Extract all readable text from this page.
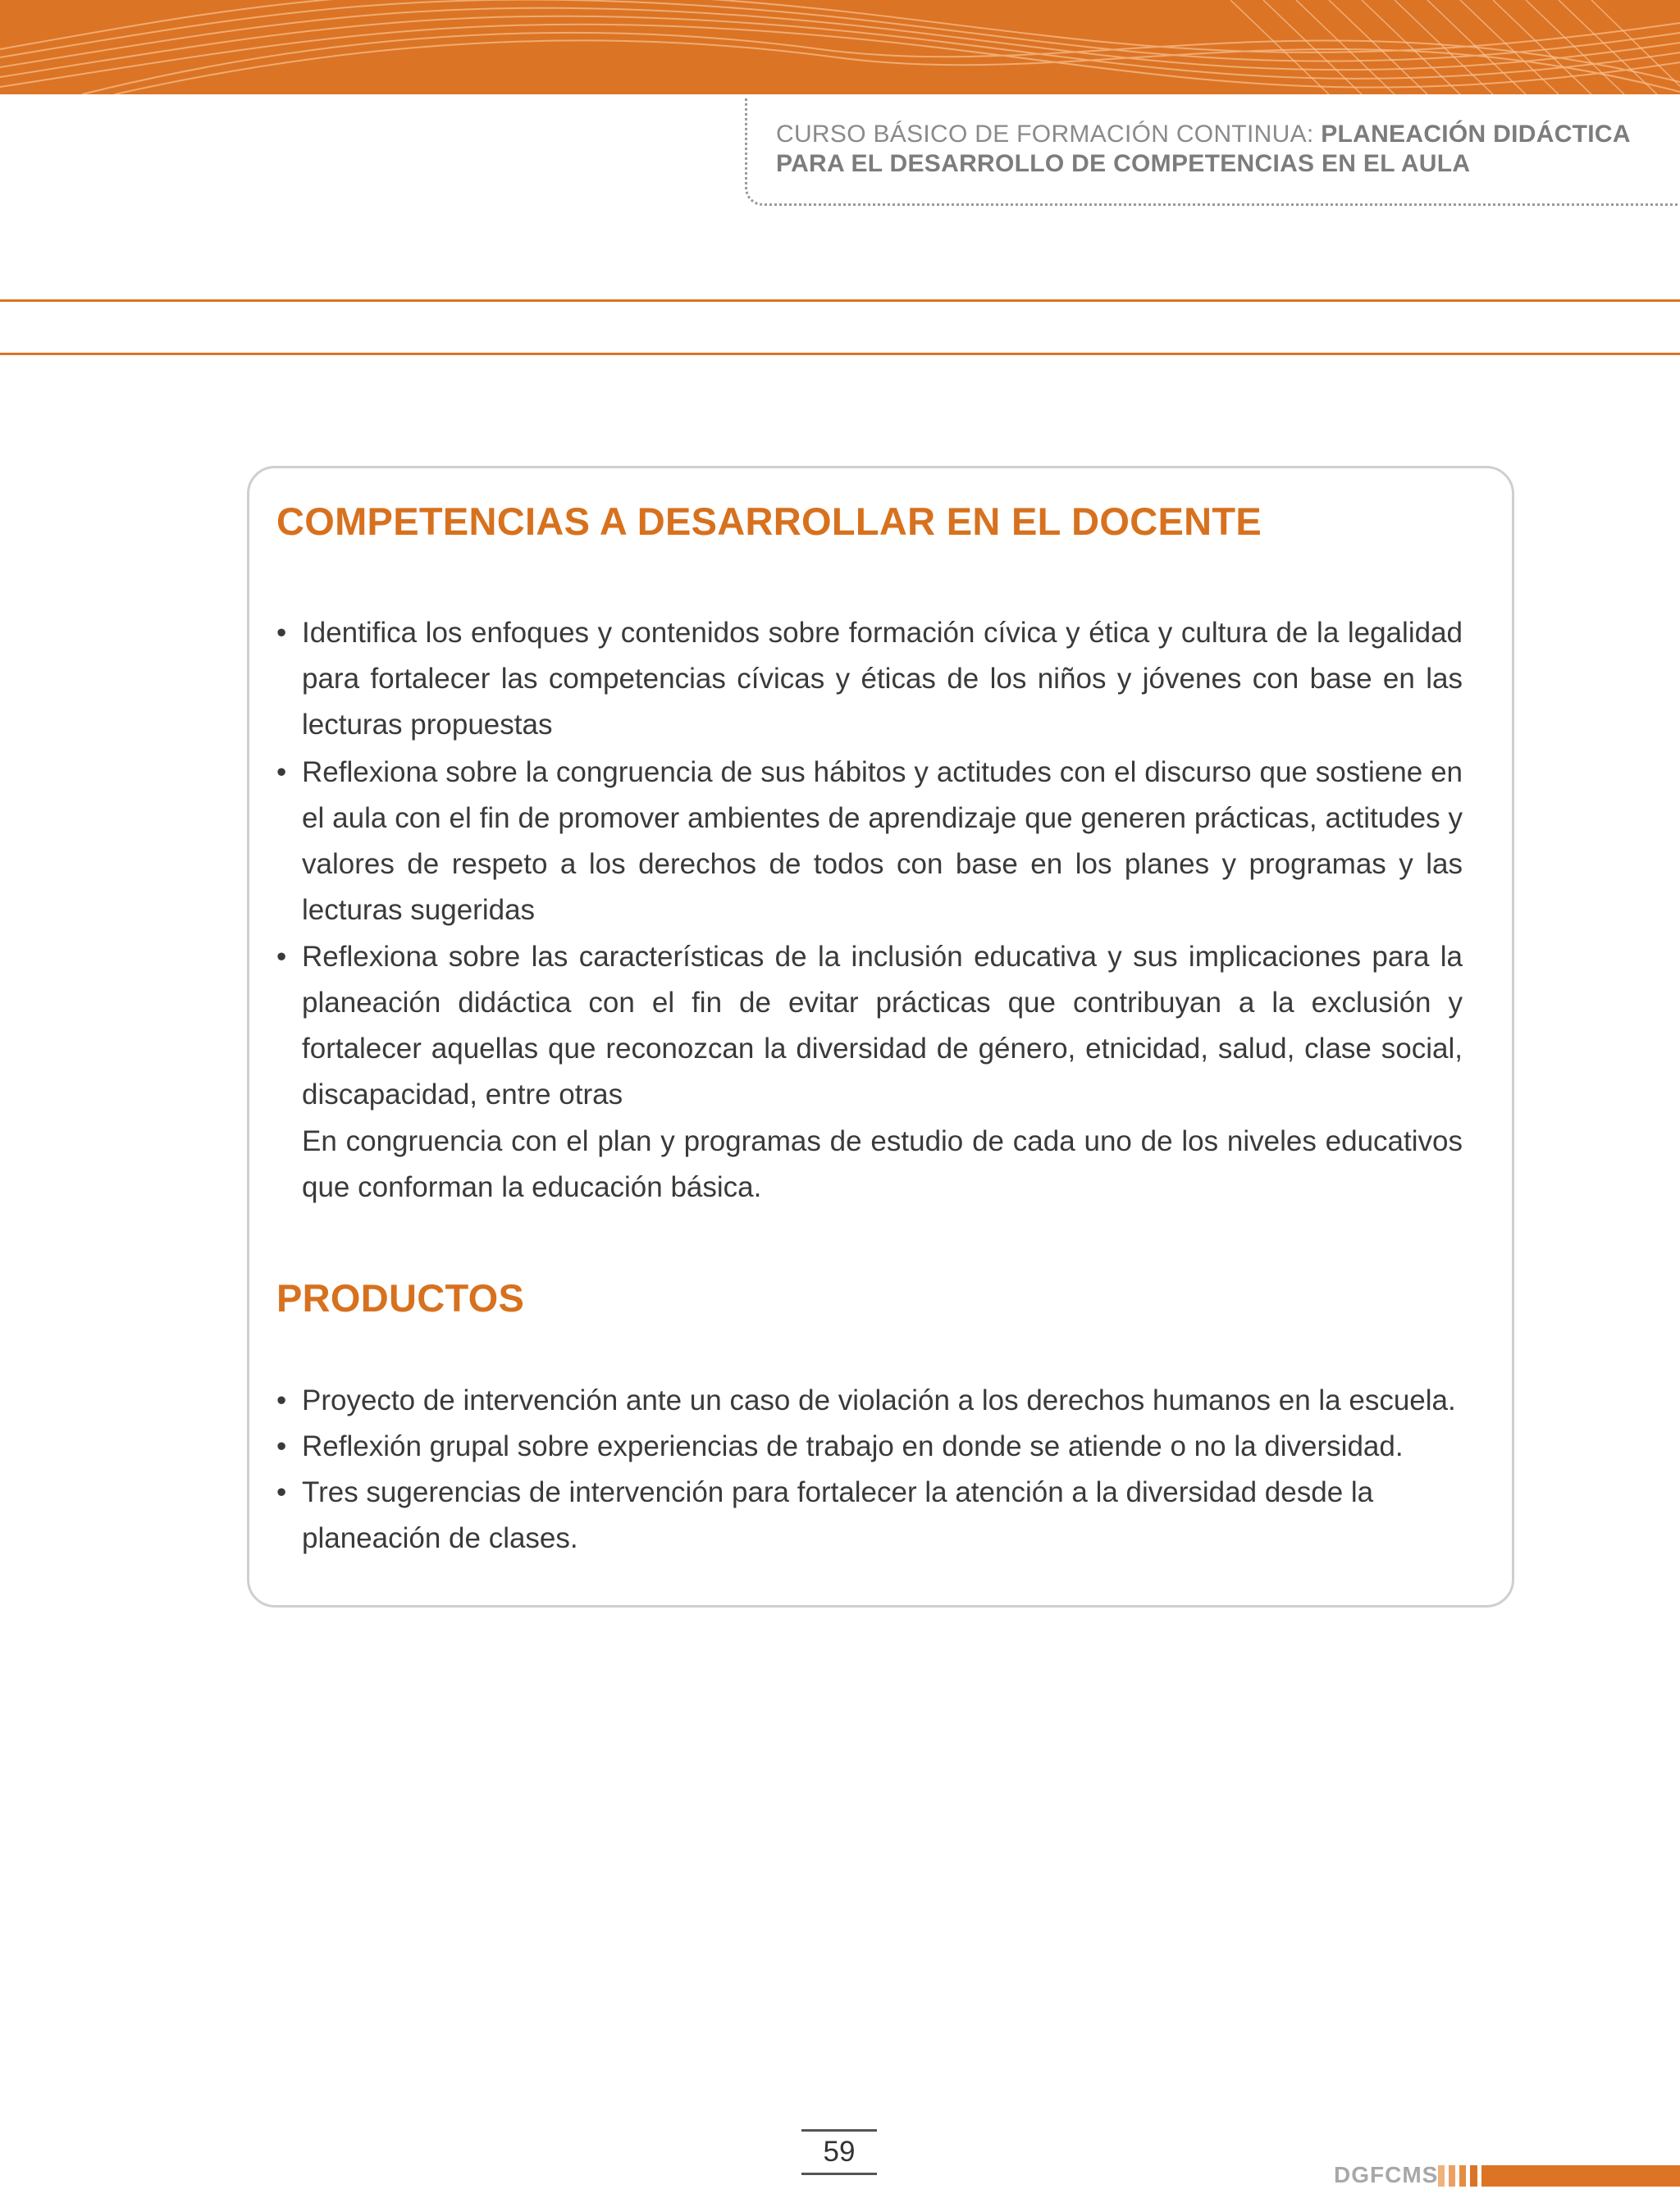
CURSO BÁSICO DE FORMACIÓN CONTINUA: PLANEACIÓN DIDÁCTICA
PARA EL DESARROLLO DE COMPETENCIAS EN EL AULA
COMPETENCIAS A DESARROLLAR EN EL DOCENTE
• Identifica los enfoques y contenidos sobre formación cívica y ética y cultura de la legalidad para fortalecer las competencias cívicas y éticas de los niños y jóvenes con base en las lecturas propuestas
• Reflexiona sobre la congruencia de sus hábitos y actitudes con el discurso que sostiene en el aula con el fin de promover ambientes de aprendizaje que generen prácticas, actitudes y valores de respeto a los derechos de todos con base en los planes y programas y las lecturas sugeridas
• Reflexiona sobre las características de la inclusión educativa y sus implicaciones para la planeación didáctica con el fin de evitar prácticas que contribuyan a la exclusión y fortalecer aquellas que reconozcan la diversidad de género, etnicidad, salud, clase social, discapacidad, entre otras
En congruencia con el plan y programas de estudio de cada uno de los niveles educativos que conforman la educación básica.
PRODUCTOS
• Proyecto de intervención ante un caso de violación a los derechos humanos en la escuela.
• Reflexión grupal sobre experiencias de trabajo en donde se atiende o no la diversidad.
• Tres sugerencias de intervención para fortalecer la atención a la diversidad desde la planeación de clases.
59
DGFCMS
